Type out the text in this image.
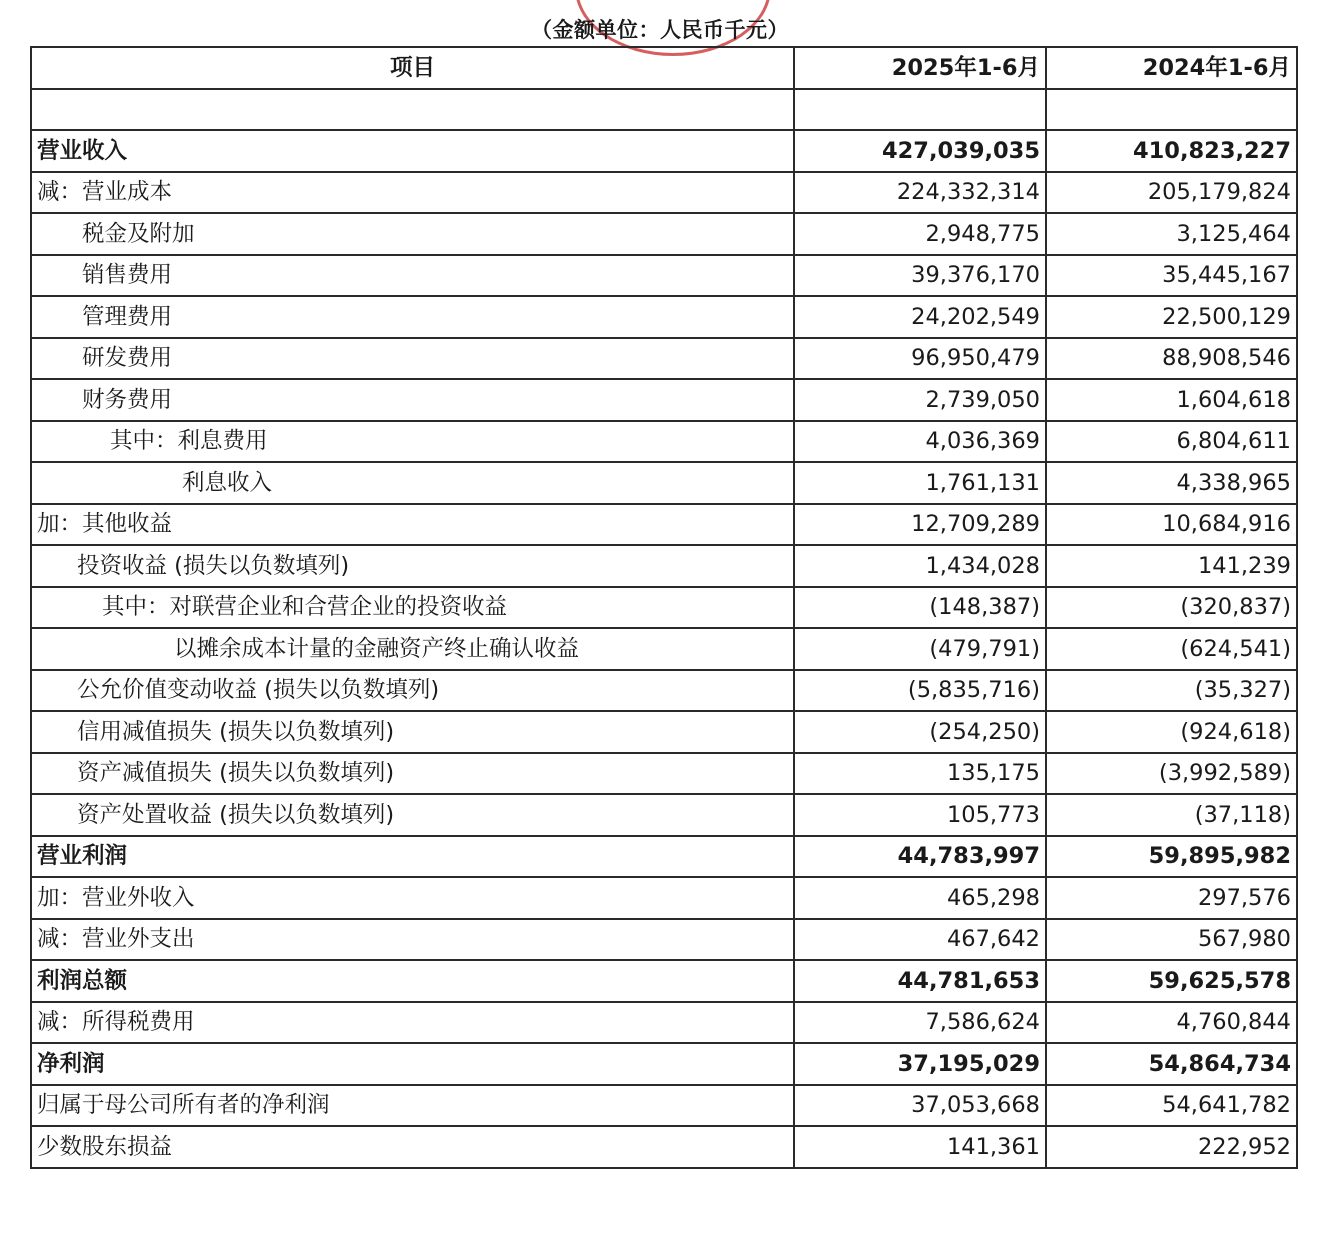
（金额单位：人民币千元）
项目	2025年1-6月	2024年1-6月

营业收入	427,039,035	410,823,227
减：营业成本	224,332,314	205,179,824
税金及附加	2,948,775	3,125,464
销售费用	39,376,170	35,445,167
管理费用	24,202,549	22,500,129
研发费用	96,950,479	88,908,546
财务费用	2,739,050	1,604,618
其中：利息费用	4,036,369	6,804,611
利息收入	1,761,131	4,338,965
加：其他收益	12,709,289	10,684,916
投资收益 (损失以负数填列)	1,434,028	141,239
其中：对联营企业和合营企业的投资收益	(148,387)	(320,837)
以摊余成本计量的金融资产终止确认收益	(479,791)	(624,541)
公允价值变动收益 (损失以负数填列)	(5,835,716)	(35,327)
信用减值损失 (损失以负数填列)	(254,250)	(924,618)
资产减值损失 (损失以负数填列)	135,175	(3,992,589)
资产处置收益 (损失以负数填列)	105,773	(37,118)
营业利润	44,783,997	59,895,982
加：营业外收入	465,298	297,576
减：营业外支出	467,642	567,980
利润总额	44,781,653	59,625,578
减：所得税费用	7,586,624	4,760,844
净利润	37,195,029	54,864,734
归属于母公司所有者的净利润	37,053,668	54,641,782
少数股东损益	141,361	222,952
